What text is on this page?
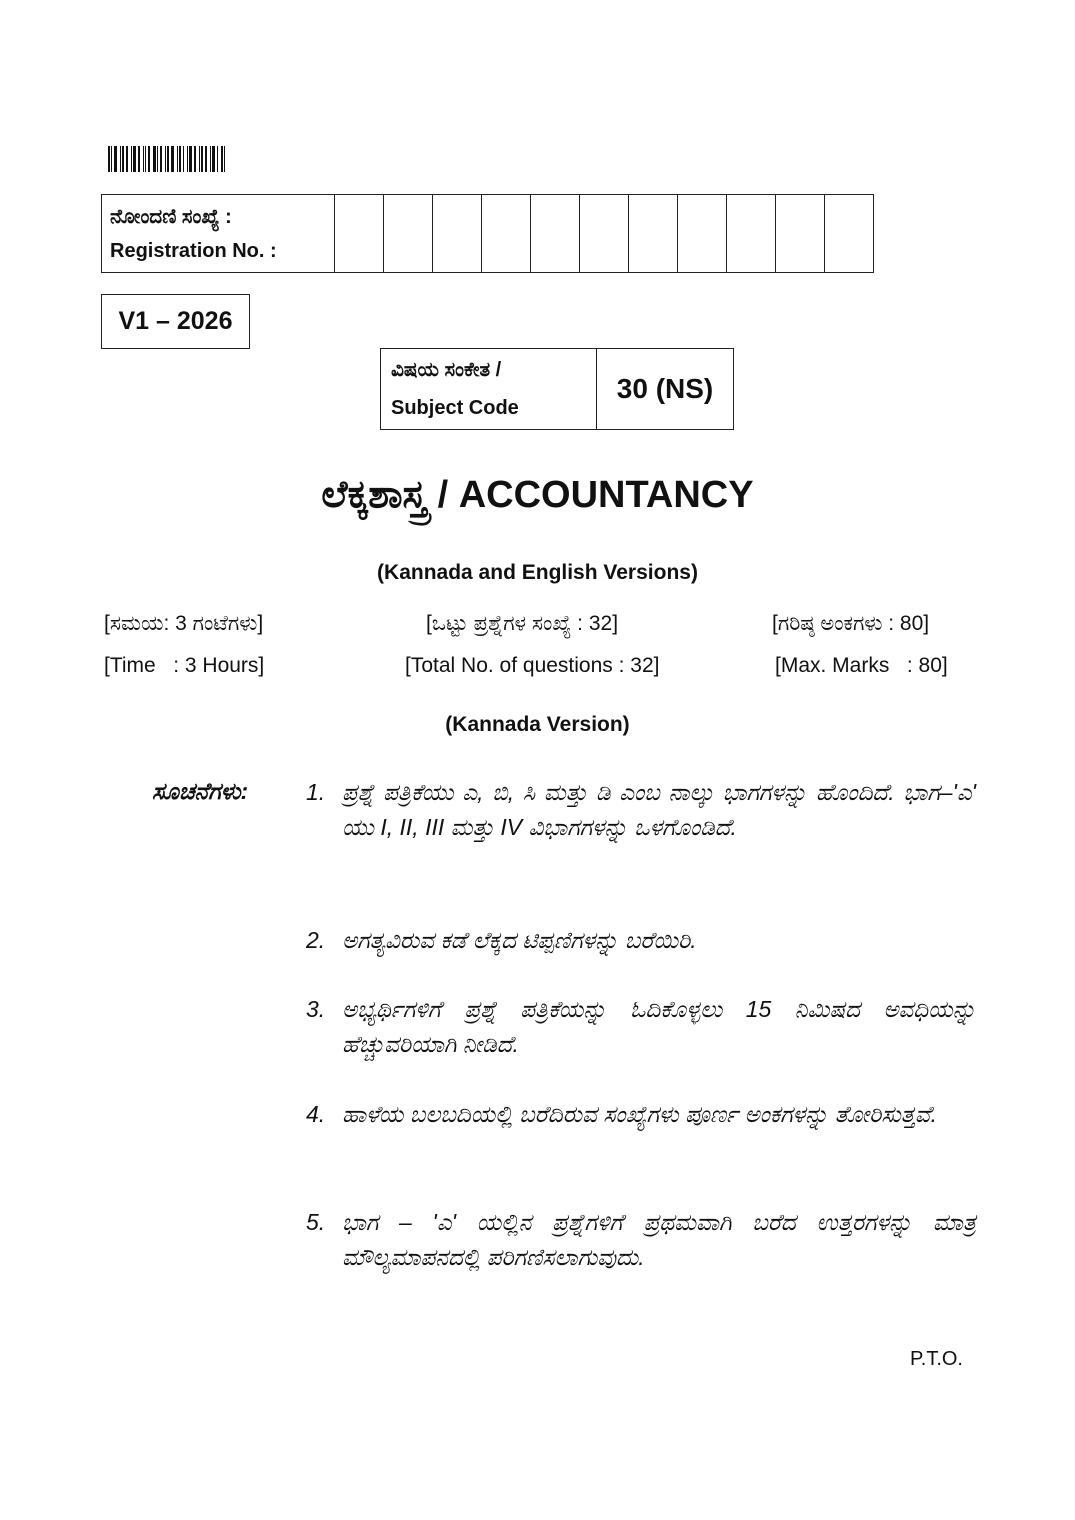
ನೋಂದಣಿ ಸಂಖ್ಯೆ :
Registration No. :

V1 – 2026
ವಿಷಯ ಸಂಕೇತ /
Subject Code
	30 (NS)
ಲೆಕ್ಕಶಾಸ್ತ್ರ / ACCOUNTANCY
(Kannada and English Versions)
[ಸಮಯ: 3 ಗಂಟೆಗಳು]	[ಒಟ್ಟು ಪ್ರಶ್ನೆಗಳ ಸಂಖ್ಯೆ : 32]	[ಗರಿಷ್ಠ ಅಂಕಗಳು : 80]
[Time   : 3 Hours]	[Total No. of questions : 32]	[Max. Marks   : 80]
(Kannada Version)
ಸೂಚನೆಗಳು:	1. ಪ್ರಶ್ನೆ ಪತ್ರಿಕೆಯು ಎ, ಬಿ, ಸಿ ಮತ್ತು ಡಿ ಎಂಬ ನಾಲ್ಕು ಭಾಗಗಳನ್ನು ಹೊಂದಿದೆ. ಭಾಗ–'ಎ' ಯು I, II, III ಮತ್ತು IV ವಿಭಾಗಗಳನ್ನು ಒಳಗೊಂಡಿದೆ.
2. ಅಗತ್ಯವಿರುವ ಕಡೆ ಲೆಕ್ಕದ ಟಿಪ್ಪಣಿಗಳನ್ನು ಬರೆಯಿರಿ.
3. ಅಭ್ಯರ್ಥಿಗಳಿಗೆ ಪ್ರಶ್ನೆ ಪತ್ರಿಕೆಯನ್ನು ಓದಿಕೊಳ್ಳಲು 15 ನಿಮಿಷದ ಅವಧಿಯನ್ನು ಹೆಚ್ಚುವರಿಯಾಗಿ ನೀಡಿದೆ.
4. ಹಾಳೆಯ ಬಲಬದಿಯಲ್ಲಿ ಬರೆದಿರುವ ಸಂಖ್ಯೆಗಳು ಪೂರ್ಣ ಅಂಕಗಳನ್ನು ತೋರಿಸುತ್ತವೆ.
5. ಭಾಗ – 'ಎ' ಯಲ್ಲಿನ ಪ್ರಶ್ನೆಗಳಿಗೆ ಪ್ರಥಮವಾಗಿ ಬರೆದ ಉತ್ತರಗಳನ್ನು ಮಾತ್ರ ಮೌಲ್ಯಮಾಪನದಲ್ಲಿ ಪರಿಗಣಿಸಲಾಗುವುದು.
P.T.O.
